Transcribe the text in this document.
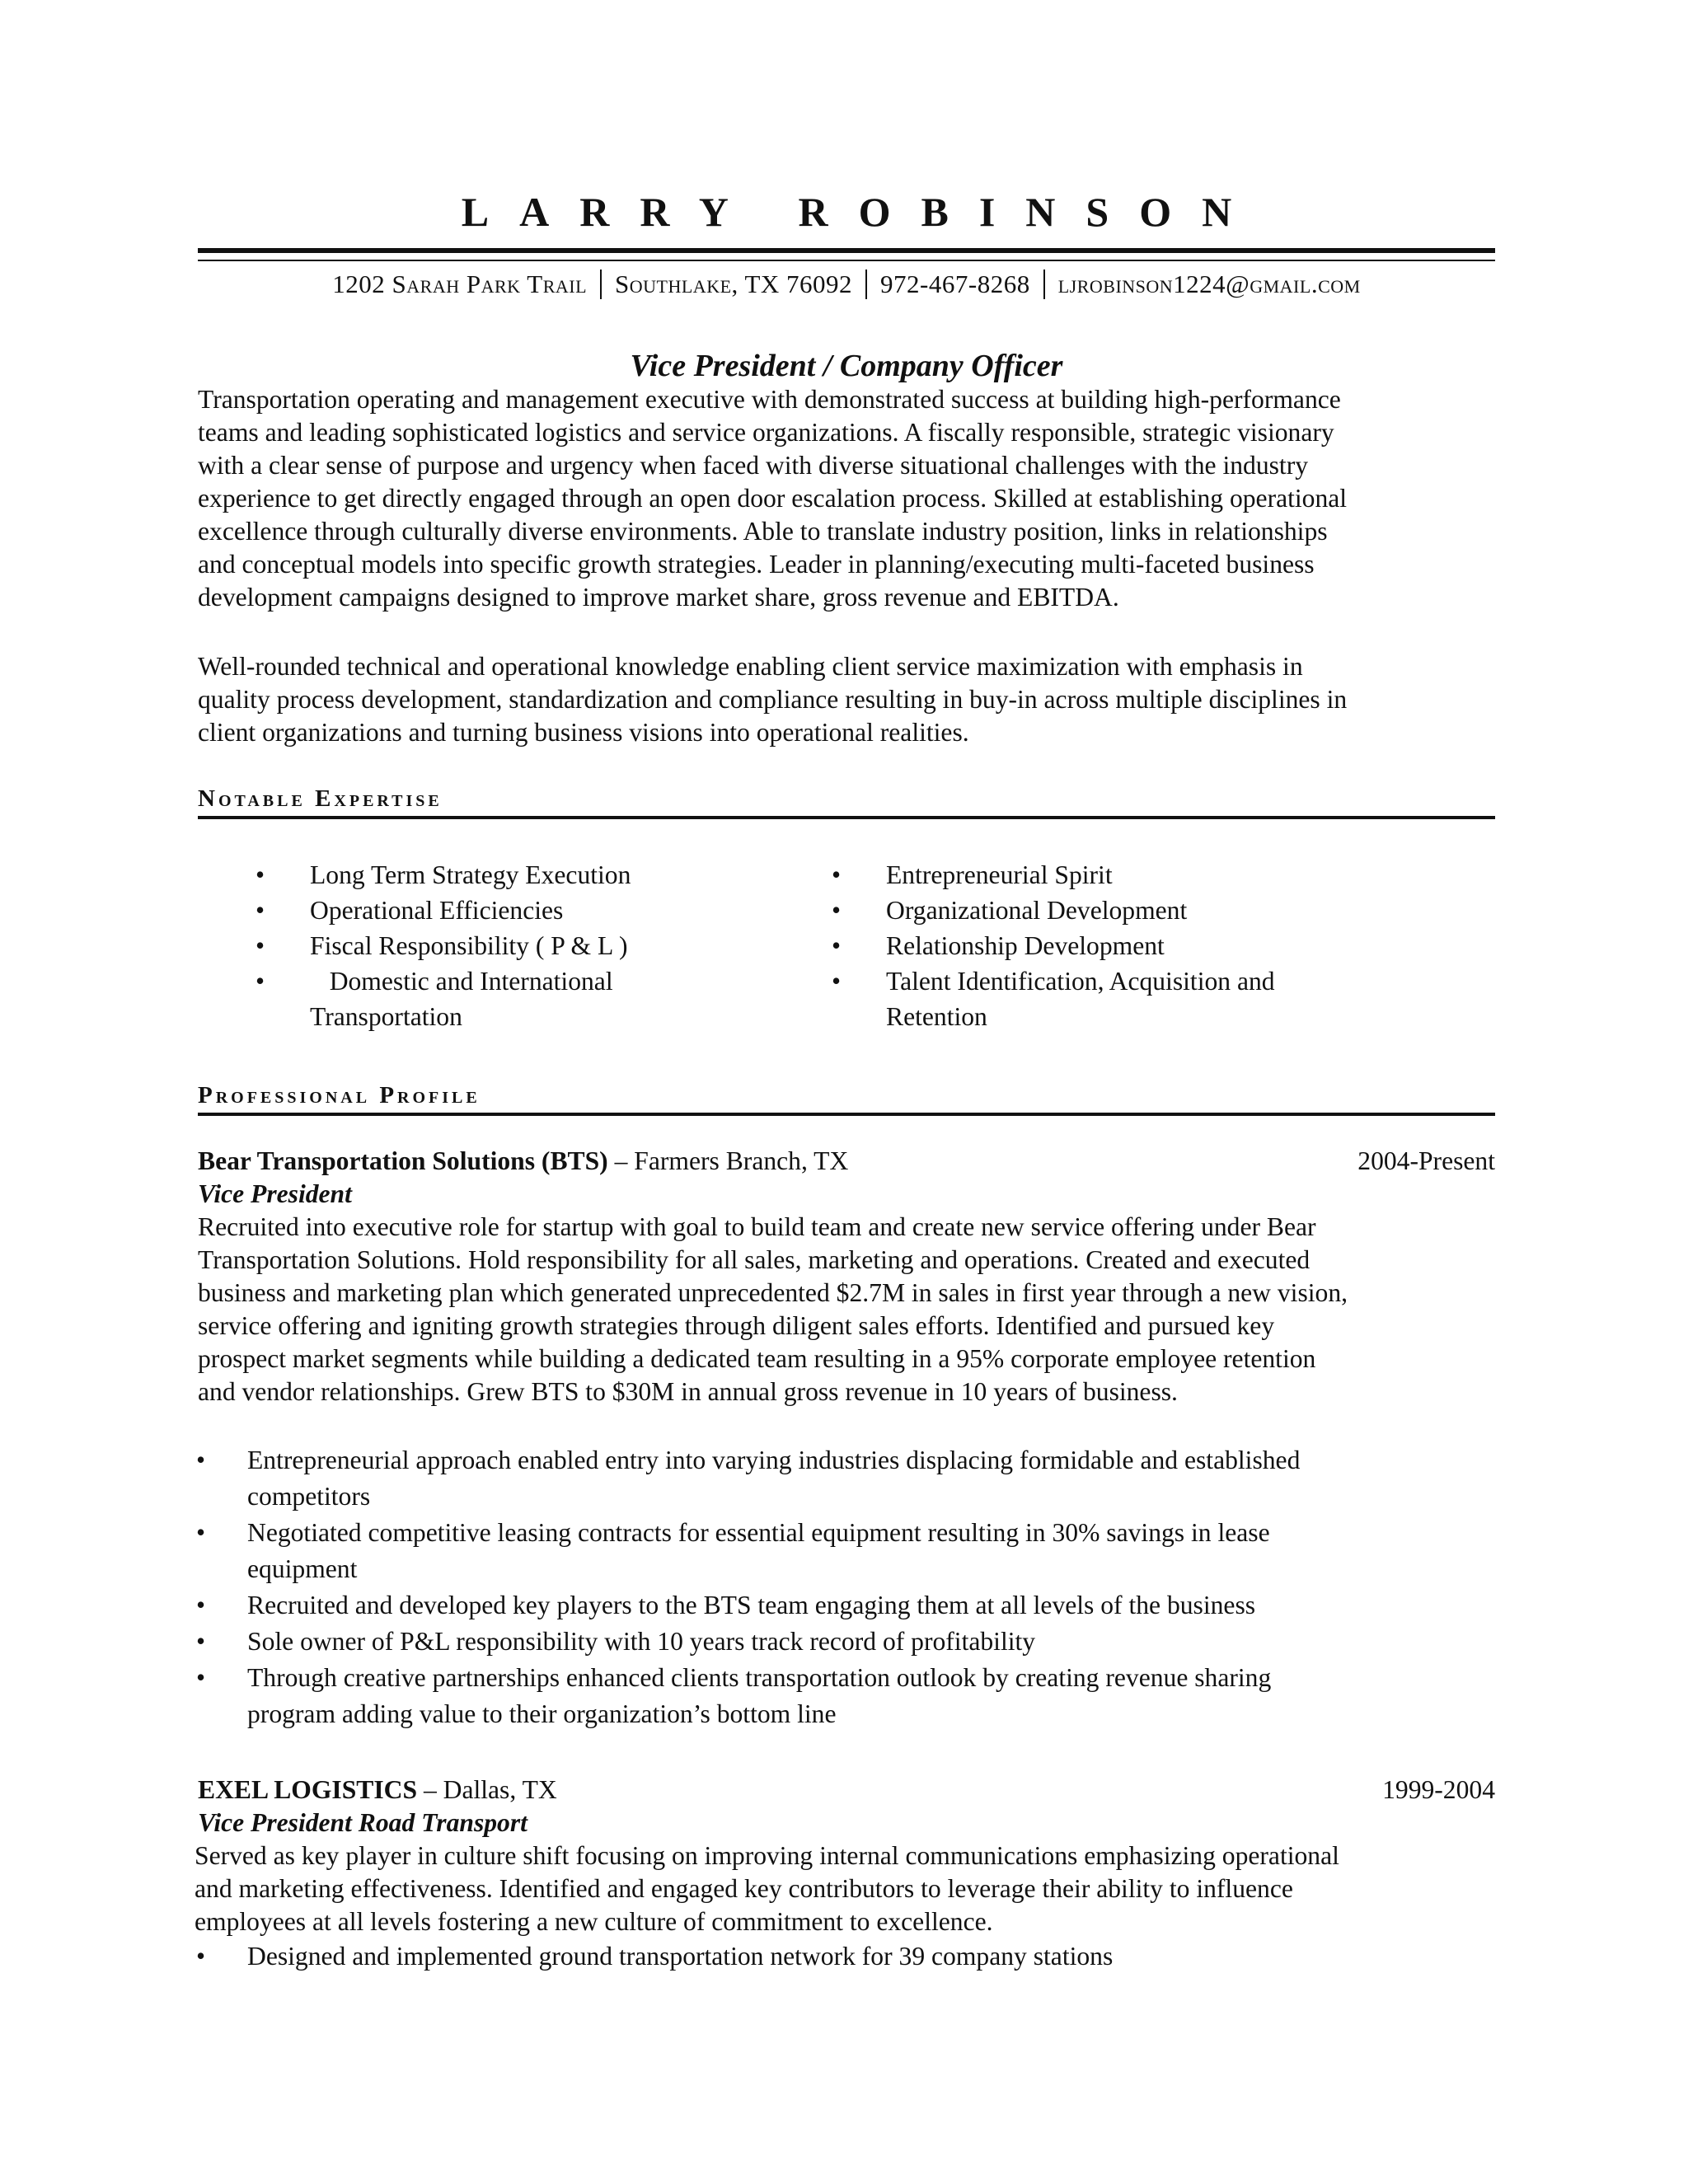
LARRY ROBINSON
1202 Sarah Park Trail Southlake, TX 76092 972-467-8268 ljrobinson1224@gmail.com
Vice President / Company Officer

Transportation operating and management executive with demonstrated success at building high-performance
teams and leading sophisticated logistics and service organizations. A fiscally responsible, strategic visionary
with a clear sense of purpose and urgency when faced with diverse situational challenges with the industry
experience to get directly engaged through an open door escalation process. Skilled at establishing operational
excellence through culturally diverse environments. Able to translate industry position, links in relationships
and conceptual models into specific growth strategies. Leader in planning/executing multi-faceted business
development campaigns designed to improve market share, gross revenue and EBITDA.

Well-rounded technical and operational knowledge enabling client service maximization with emphasis in
quality process development, standardization and compliance resulting in buy-in across multiple disciplines in
client organizations and turning business visions into operational realities.

Notable Expertise
• Long Term Strategy Execution
• Operational Efficiencies
• Fiscal Responsibility ( P & L )
• Domestic and International
Transportation
• Entrepreneurial Spirit
• Organizational Development
• Relationship Development
• Talent Identification, Acquisition and
Retention
Professional Profile
Bear Transportation Solutions (BTS) – Farmers Branch, TX	2004-Present
Vice President

Recruited into executive role for startup with goal to build team and create new service offering under Bear
Transportation Solutions. Hold responsibility for all sales, marketing and operations. Created and executed
business and marketing plan which generated unprecedented $2.7M in sales in first year through a new vision,
service offering and igniting growth strategies through diligent sales efforts. Identified and pursued key
prospect market segments while building a dedicated team resulting in a 95% corporate employee retention
and vendor relationships. Grew BTS to $30M in annual gross revenue in 10 years of business.

• Entrepreneurial approach enabled entry into varying industries displacing formidable and established
competitors
• Negotiated competitive leasing contracts for essential equipment resulting in 30% savings in lease
equipment
• Recruited and developed key players to the BTS team engaging them at all levels of the business
• Sole owner of P&L responsibility with 10 years track record of profitability
• Through creative partnerships enhanced clients transportation outlook by creating revenue sharing
program adding value to their organization’s bottom line
EXEL LOGISTICS – Dallas, TX	1999-2004
Vice President Road Transport

Served as key player in culture shift focusing on improving internal communications emphasizing operational
and marketing effectiveness. Identified and engaged key contributors to leverage their ability to influence
employees at all levels fostering a new culture of commitment to excellence.

• Designed and implemented ground transportation network for 39 company stations
